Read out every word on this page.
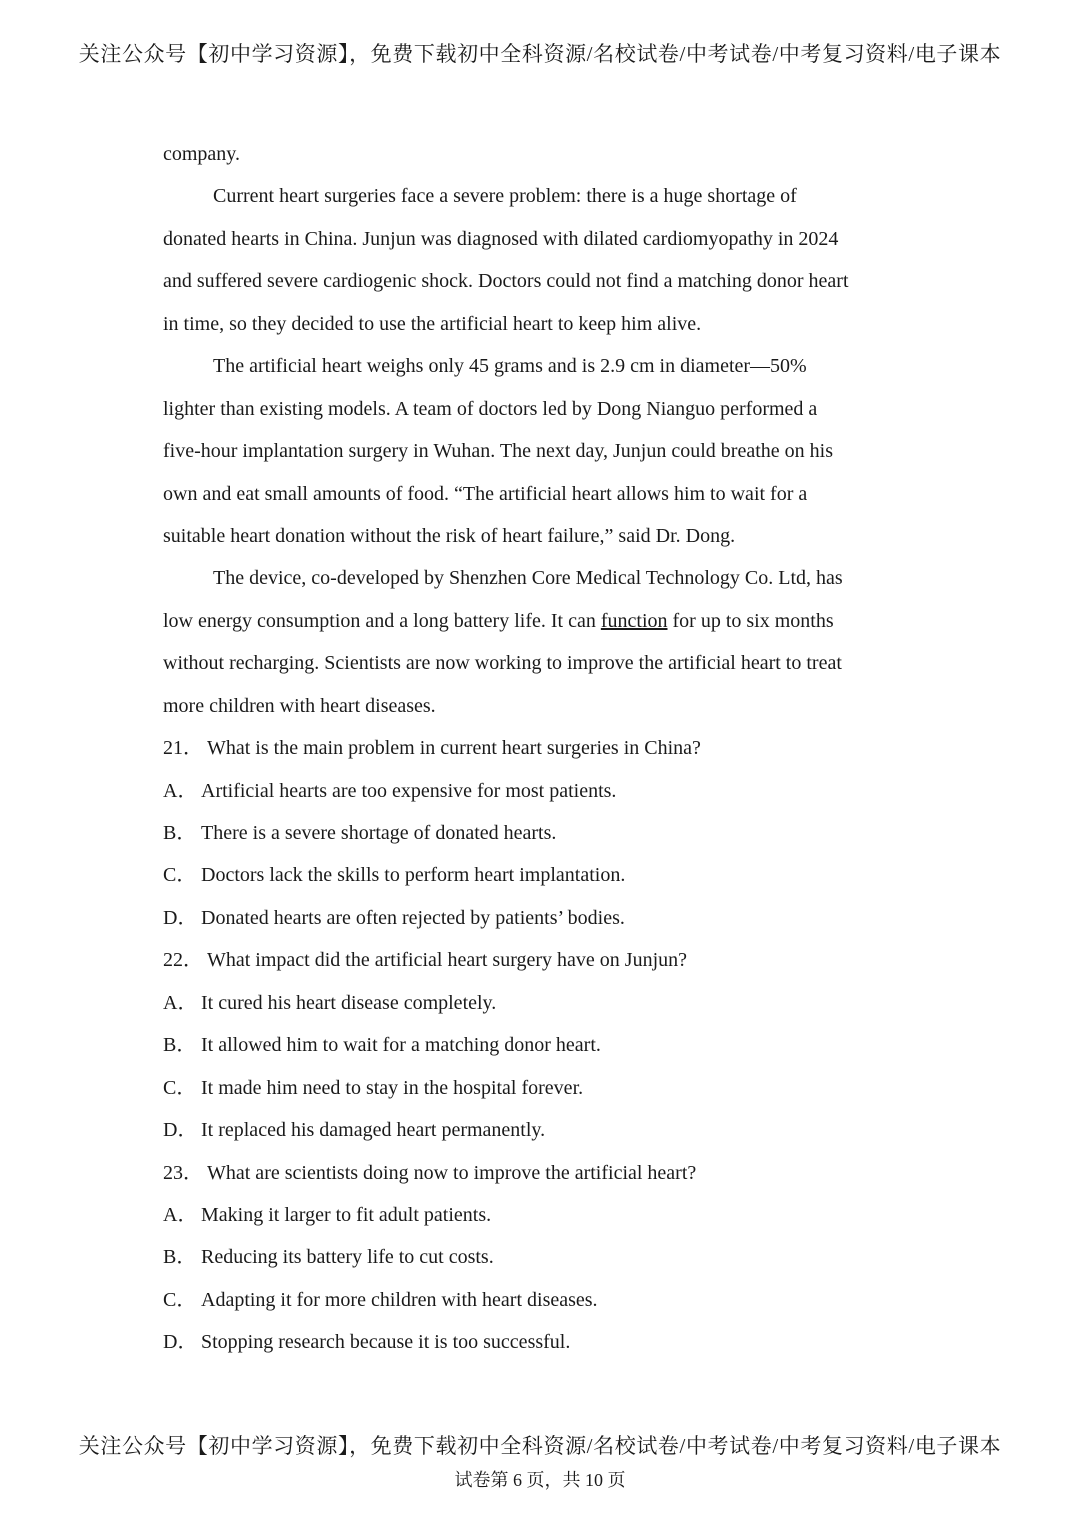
关注公众号【初中学习资源】，免费下载初中全科资源/名校试卷/中考试卷/中考复习资料/电子课本
company.
Current heart surgeries face a severe problem: there is a huge shortage of
donated hearts in China. Junjun was diagnosed with dilated cardiomyopathy in 2024
and suffered severe cardiogenic shock. Doctors could not find a matching donor heart
in time, so they decided to use the artificial heart to keep him alive.
The artificial heart weighs only 45 grams and is 2.9 cm in diameter—50%
lighter than existing models. A team of doctors led by Dong Nianguo performed a
five-hour implantation surgery in Wuhan. The next day, Junjun could breathe on his
own and eat small amounts of food. “The artificial heart allows him to wait for a
suitable heart donation without the risk of heart failure,” said Dr. Dong.
The device, co-developed by Shenzhen Core Medical Technology Co. Ltd, has
low energy consumption and a long battery life. It can function for up to six months
without recharging. Scientists are now working to improve the artificial heart to treat
more children with heart diseases.
21． What is the main problem in current heart surgeries in China?
A． Artificial hearts are too expensive for most patients.
B． There is a severe shortage of donated hearts.
C． Doctors lack the skills to perform heart implantation.
D． Donated hearts are often rejected by patients’ bodies.
22． What impact did the artificial heart surgery have on Junjun?
A． It cured his heart disease completely.
B． It allowed him to wait for a matching donor heart.
C． It made him need to stay in the hospital forever.
D． It replaced his damaged heart permanently.
23． What are scientists doing now to improve the artificial heart?
A． Making it larger to fit adult patients.
B． Reducing its battery life to cut costs.
C． Adapting it for more children with heart diseases.
D． Stopping research because it is too successful.
关注公众号【初中学习资源】，免费下载初中全科资源/名校试卷/中考试卷/中考复习资料/电子课本
试卷第 6 页，共 10 页
